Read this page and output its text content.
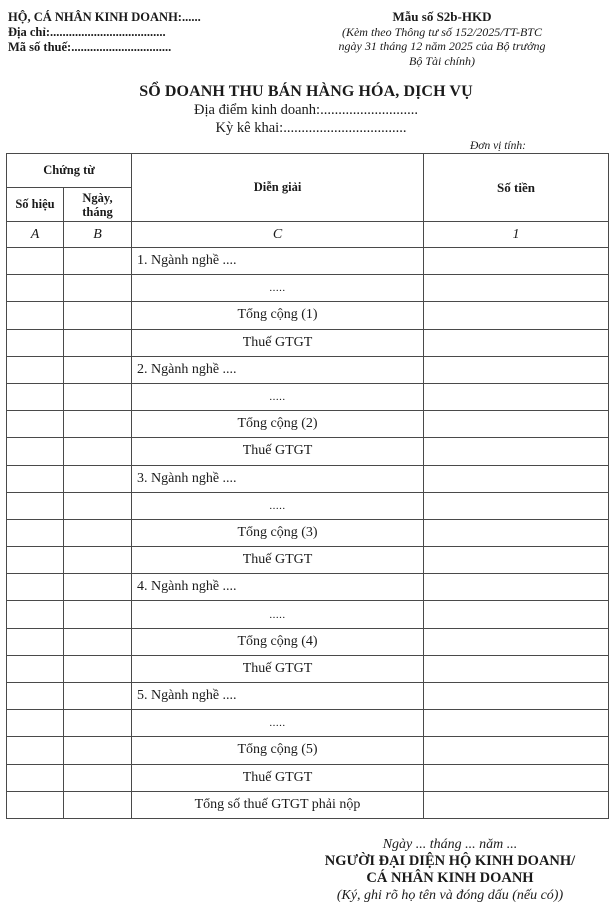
HỘ, CÁ NHÂN KINH DOANH:......
Địa chỉ:.....................................
Mã số thuế:................................
Mẫu số S2b-HKD
(Kèm theo Thông tư số 152/2025/TT-BTC
ngày 31 tháng 12 năm 2025 của Bộ trưởng
Bộ Tài chính)
SỔ DOANH THU BÁN HÀNG HÓA, DỊCH VỤ
Địa điểm kinh doanh:...........................
Kỳ kê khai:..................................
Đơn vị tính:
Chứng từ		Diễn giải	Số tiền
Số hiệu	Ngày, tháng		
A	B	C	1
		1. Ngành nghề ....	
		.....	
		Tổng cộng (1)	
		Thuế GTGT	
		2. Ngành nghề ....	
		.....	
		Tổng cộng (2)	
		Thuế GTGT	
		3. Ngành nghề ....	
		.....	
		Tổng cộng (3)	
		Thuế GTGT	
		4. Ngành nghề ....	
		.....	
		Tổng cộng (4)	
		Thuế GTGT	
		5. Ngành nghề ....	
		.....	
		Tổng cộng (5)	
		Thuế GTGT	
		Tổng số thuế GTGT phải nộp	
Ngày ... tháng ... năm ...
NGƯỜI ĐẠI DIỆN HỘ KINH DOANH/
CÁ NHÂN KINH DOANH
(Ký, ghi rõ họ tên và đóng dấu (nếu có))
